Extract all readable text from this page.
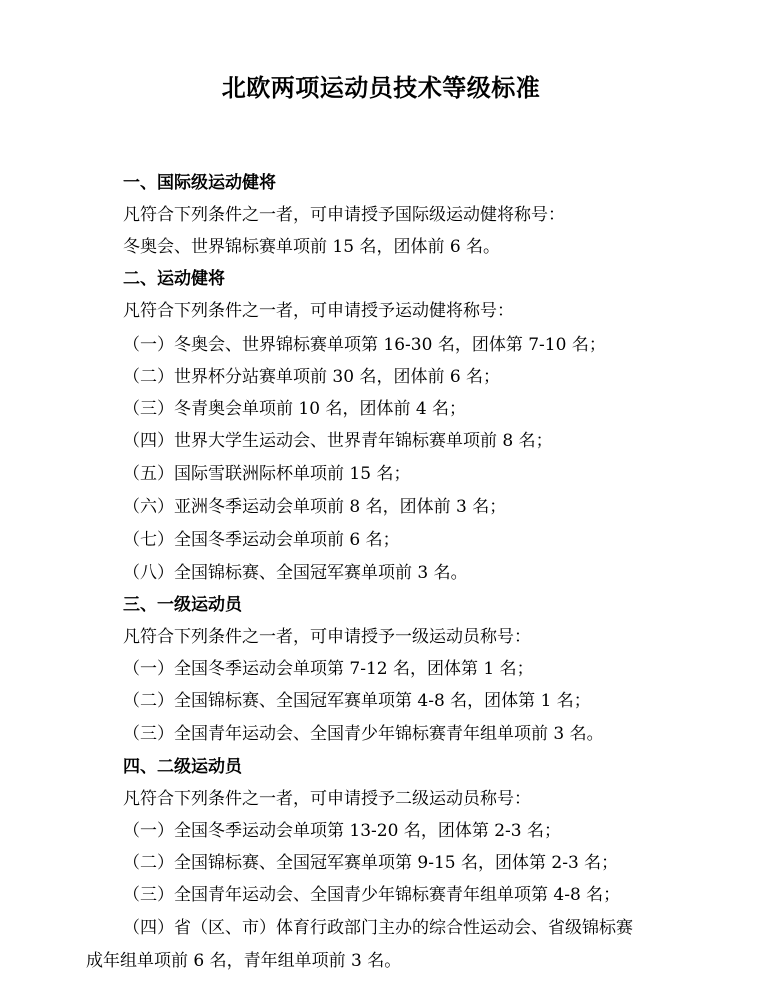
北欧两项运动员技术等级标准
一、国际级运动健将
凡符合下列条件之一者，可申请授予国际级运动健将称号：
冬奥会、世界锦标赛单项前 15 名，团体前 6 名。
二、运动健将
凡符合下列条件之一者，可申请授予运动健将称号：
（一）冬奥会、世界锦标赛单项第 16-30 名，团体第 7-10 名；
（二）世界杯分站赛单项前 30 名，团体前 6 名；
（三）冬青奥会单项前 10 名，团体前 4 名；
（四）世界大学生运动会、世界青年锦标赛单项前 8 名；
（五）国际雪联洲际杯单项前 15 名；
（六）亚洲冬季运动会单项前 8 名，团体前 3 名；
（七）全国冬季运动会单项前 6 名；
（八）全国锦标赛、全国冠军赛单项前 3 名。
三、一级运动员
凡符合下列条件之一者，可申请授予一级运动员称号：
（一）全国冬季运动会单项第 7-12 名，团体第 1 名；
（二）全国锦标赛、全国冠军赛单项第 4-8 名，团体第 1 名；
（三）全国青年运动会、全国青少年锦标赛青年组单项前 3 名。
四、二级运动员
凡符合下列条件之一者，可申请授予二级运动员称号：
（一）全国冬季运动会单项第 13-20 名，团体第 2-3 名；
（二）全国锦标赛、全国冠军赛单项第 9-15 名，团体第 2-3 名；
（三）全国青年运动会、全国青少年锦标赛青年组单项第 4-8 名；
（四）省（区、市）体育行政部门主办的综合性运动会、省级锦标赛
成年组单项前 6 名，青年组单项前 3 名。
